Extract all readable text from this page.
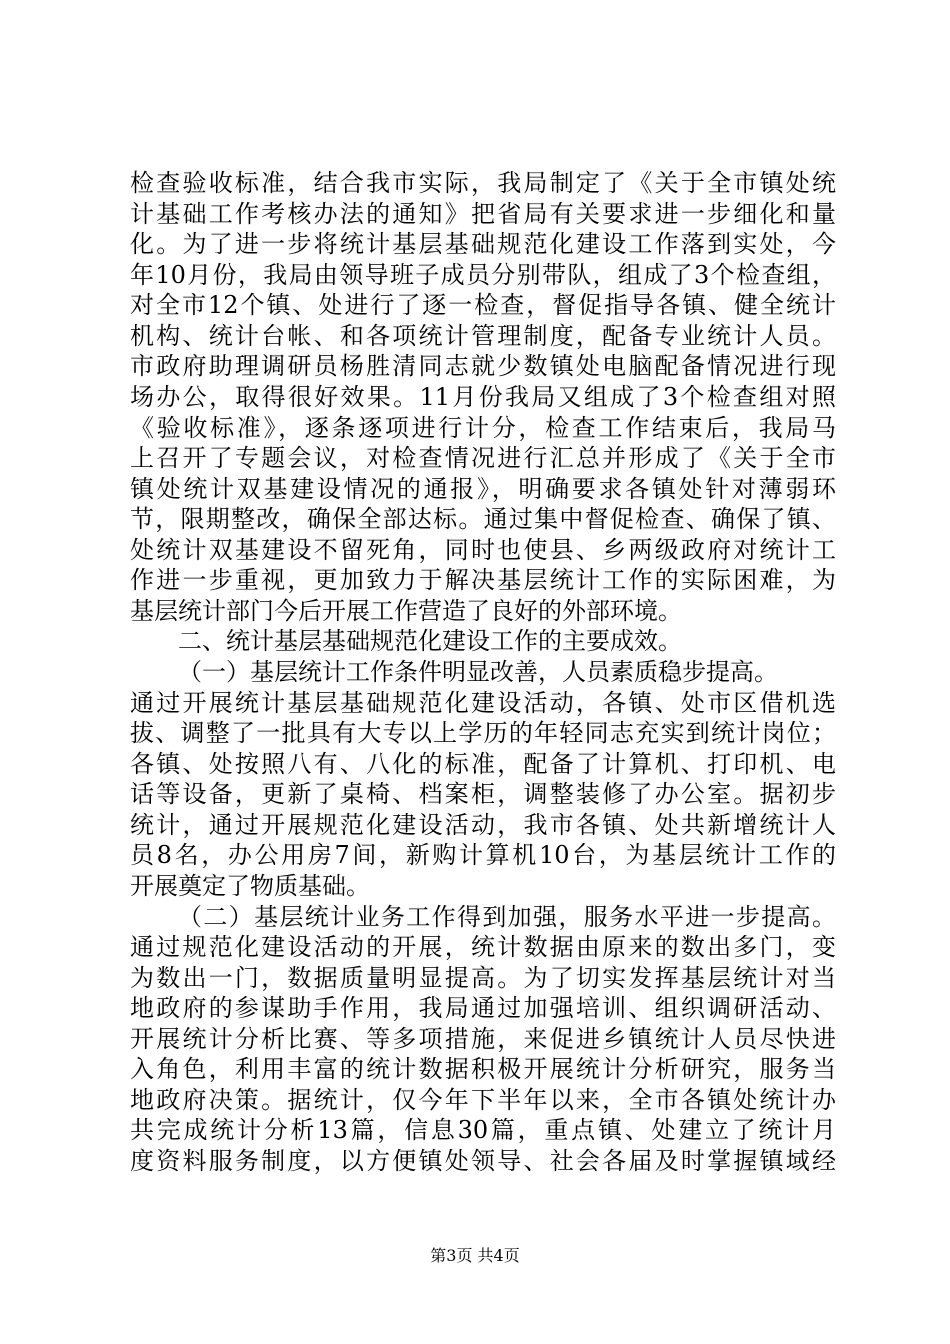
检查验收标准，结合我市实际，我局制定了《关于全市镇处统
计基础工作考核办法的通知》把省局有关要求进一步细化和量
化。为了进一步将统计基层基础规范化建设工作落到实处，今
年10月份，我局由领导班子成员分别带队，组成了3个检查组，
对全市12个镇、处进行了逐一检查，督促指导各镇、健全统计
机构、统计台帐、和各项统计管理制度，配备专业统计人员。
市政府助理调研员杨胜清同志就少数镇处电脑配备情况进行现
场办公，取得很好效果。11月份我局又组成了3个检查组对照
《验收标准》，逐条逐项进行计分，检查工作结束后，我局马
上召开了专题会议，对检查情况进行汇总并形成了《关于全市
镇处统计双基建设情况的通报》，明确要求各镇处针对薄弱环
节，限期整改，确保全部达标。通过集中督促检查、确保了镇、
处统计双基建设不留死角，同时也使县、乡两级政府对统计工
作进一步重视，更加致力于解决基层统计工作的实际困难，为
基层统计部门今后开展工作营造了良好的外部环境。
二、统计基层基础规范化建设工作的主要成效。
（一）基层统计工作条件明显改善，人员素质稳步提高。
通过开展统计基层基础规范化建设活动，各镇、处市区借机选
拔、调整了一批具有大专以上学历的年轻同志充实到统计岗位；
各镇、处按照八有、八化的标准，配备了计算机、打印机、电
话等设备，更新了桌椅、档案柜，调整装修了办公室。据初步
统计，通过开展规范化建设活动，我市各镇、处共新增统计人
员8名，办公用房7间，新购计算机10台，为基层统计工作的
开展奠定了物质基础。
（二）基层统计业务工作得到加强，服务水平进一步提高。
通过规范化建设活动的开展，统计数据由原来的数出多门，变
为数出一门，数据质量明显提高。为了切实发挥基层统计对当
地政府的参谋助手作用，我局通过加强培训、组织调研活动、
开展统计分析比赛、等多项措施，来促进乡镇统计人员尽快进
入角色，利用丰富的统计数据积极开展统计分析研究，服务当
地政府决策。据统计，仅今年下半年以来，全市各镇处统计办
共完成统计分析13篇，信息30篇，重点镇、处建立了统计月
度资料服务制度，以方便镇处领导、社会各届及时掌握镇域经
第3页 共4页
